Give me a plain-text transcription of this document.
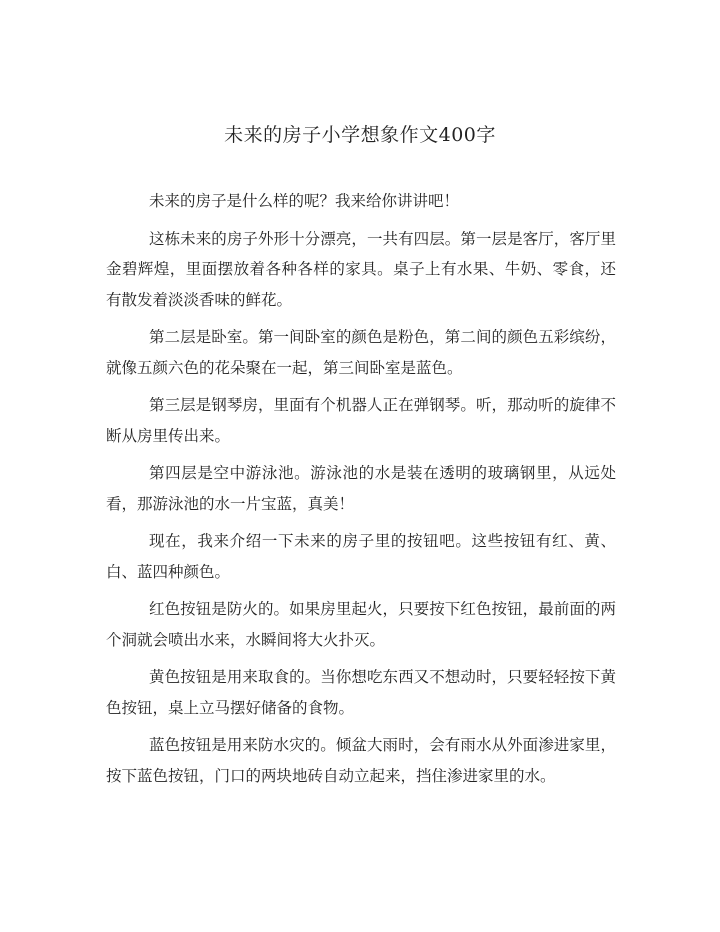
未来的房子小学想象作文400字

未来的房子是什么样的呢？我来给你讲讲吧！

这栋未来的房子外形十分漂亮，一共有四层。第一层是客厅，客厅里金碧辉煌，里面摆放着各种各样的家具。桌子上有水果、牛奶、零食，还有散发着淡淡香味的鲜花。

第二层是卧室。第一间卧室的颜色是粉色，第二间的颜色五彩缤纷，就像五颜六色的花朵聚在一起，第三间卧室是蓝色。

第三层是钢琴房，里面有个机器人正在弹钢琴。听，那动听的旋律不断从房里传出来。

第四层是空中游泳池。游泳池的水是装在透明的玻璃钢里，从远处看，那游泳池的水一片宝蓝，真美！

现在，我来介绍一下未来的房子里的按钮吧。这些按钮有红、黄、白、蓝四种颜色。

红色按钮是防火的。如果房里起火，只要按下红色按钮，最前面的两个洞就会喷出水来，水瞬间将大火扑灭。

黄色按钮是用来取食的。当你想吃东西又不想动时，只要轻轻按下黄色按钮，桌上立马摆好储备的食物。

蓝色按钮是用来防水灾的。倾盆大雨时，会有雨水从外面渗进家里，按下蓝色按钮，门口的两块地砖自动立起来，挡住渗进家里的水。
